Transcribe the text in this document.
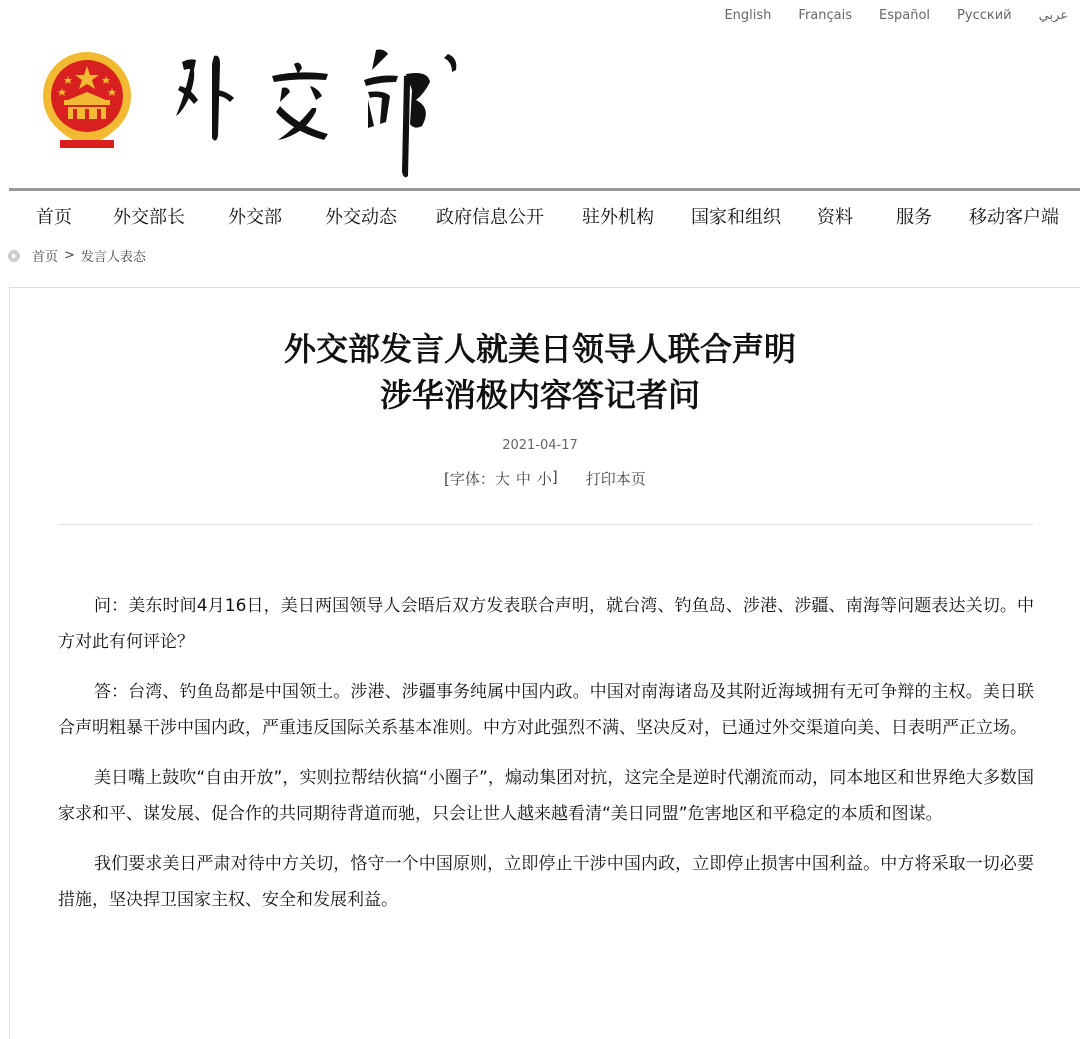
English Français Español Русский عربي
首页 外交部长 外交部 外交动态 政府信息公开 驻外机构 国家和组织 资料 服务 移动客户端
首页 > 发言人表态
外交部发言人就美日领导人联合声明
涉华消极内容答记者问
2021-04-17
[字体： 大 中 小 ] 打印本页

问：美东时间4月16日，美日两国领导人会晤后双方发表联合声明，就台湾、钓鱼岛、涉港、涉疆、南海等问题表达关切。中方对此有何评论？

答：台湾、钓鱼岛都是中国领土。涉港、涉疆事务纯属中国内政。中国对南海诸岛及其附近海域拥有无可争辩的主权。美日联合声明粗暴干涉中国内政，严重违反国际关系基本准则。中方对此强烈不满、坚决反对，已通过外交渠道向美、日表明严正立场。

美日嘴上鼓吹“自由开放”，实则拉帮结伙搞“小圈子”，煽动集团对抗，这完全是逆时代潮流而动，同本地区和世界绝大多数国家求和平、谋发展、促合作的共同期待背道而驰，只会让世人越来越看清“美日同盟”危害地区和平稳定的本质和图谋。

我们要求美日严肃对待中方关切，恪守一个中国原则，立即停止干涉中国内政，立即停止损害中国利益。中方将采取一切必要措施，坚决捍卫国家主权、安全和发展利益。
